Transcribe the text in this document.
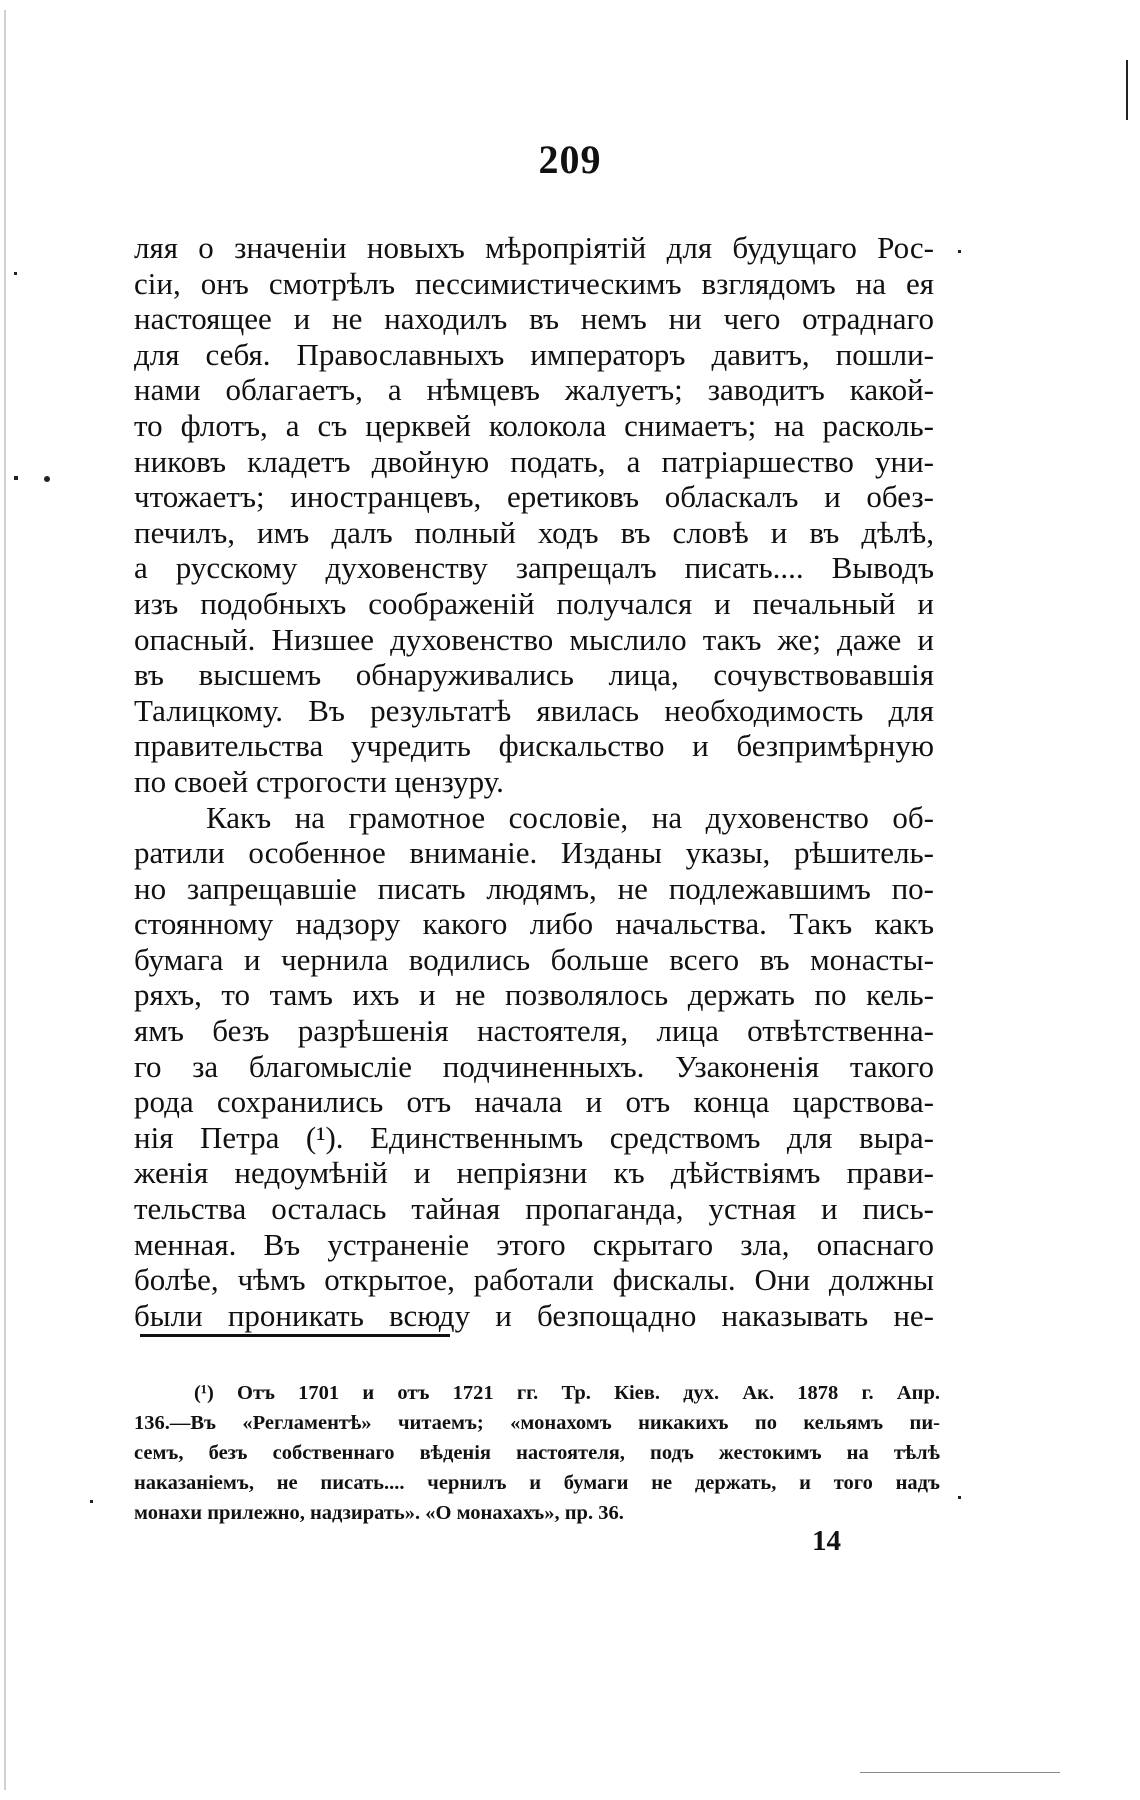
209
ляя о значенiи новыхъ мѣропрiятiй для будущаго Рос-
сiи, онъ смотрѣлъ пессимистическимъ взглядомъ на ея
настоящее и не находилъ въ немъ ни чего отраднаго
для себя. Православныхъ императоръ давитъ, пошли-
нами облагаетъ, а нѣмцевъ жалуетъ; заводитъ какой-
то флотъ, а съ церквей колокола снимаетъ; на расколь-
никовъ кладетъ двойную подать, а патрiаршество уни-
чтожаетъ; иностранцевъ, еретиковъ обласкалъ и обез-
печилъ, имъ далъ полный ходъ въ словѣ и въ дѣлѣ,
а русскому духовенству запрещалъ писать.... Выводъ
изъ подобныхъ соображенiй получался и печальный и
опасный. Низшее духовенство мыслило такъ же; даже и
въ высшемъ обнаруживались лица, сочувствовавшiя
Талицкому. Въ результатѣ явилась необходимость для
правительства учредить фискальство и безпримѣрную
по своей строгости цензуру.
Какъ на грамотное сословiе, на духовенство об-
ратили особенное вниманiе. Изданы указы, рѣшитель-
но запрещавшiе писать людямъ, не подлежавшимъ по-
стоянному надзору какого либо начальства. Такъ какъ
бумага и чернила водились больше всего въ монасты-
ряхъ, то тамъ ихъ и не позволялось держать по кель-
ямъ безъ разрѣшенiя настоятеля, лица отвѣтственна-
го за благомыслiе подчиненныхъ. Узаконенiя такого
рода сохранились отъ начала и отъ конца царствова-
нiя Петра (¹). Единственнымъ средствомъ для выра-
женiя недоумѣнiй и непрiязни къ дѣйствiямъ прави-
тельства осталась тайная пропаганда, устная и пись-
менная. Въ устраненiе этого скрытаго зла, опаснаго
болѣе, чѣмъ открытое, работали фискалы. Они должны
были проникать всюду и безпощадно наказывать не-
(¹) Отъ 1701 и отъ 1721 гг. Тр. Кiев. дух. Ак. 1878 г. Апр.
136.—Въ «Регламентѣ» читаемъ; «монахомъ никакихъ по кельямъ пи-
семъ, безъ собственнаго вѣденiя настоятеля, подъ жестокимъ на тѣлѣ
наказанiемъ, не писать.... чернилъ и бумаги не держать, и того надъ
монахи прилежно, надзирать». «О монахахъ», пр. 36.
14
